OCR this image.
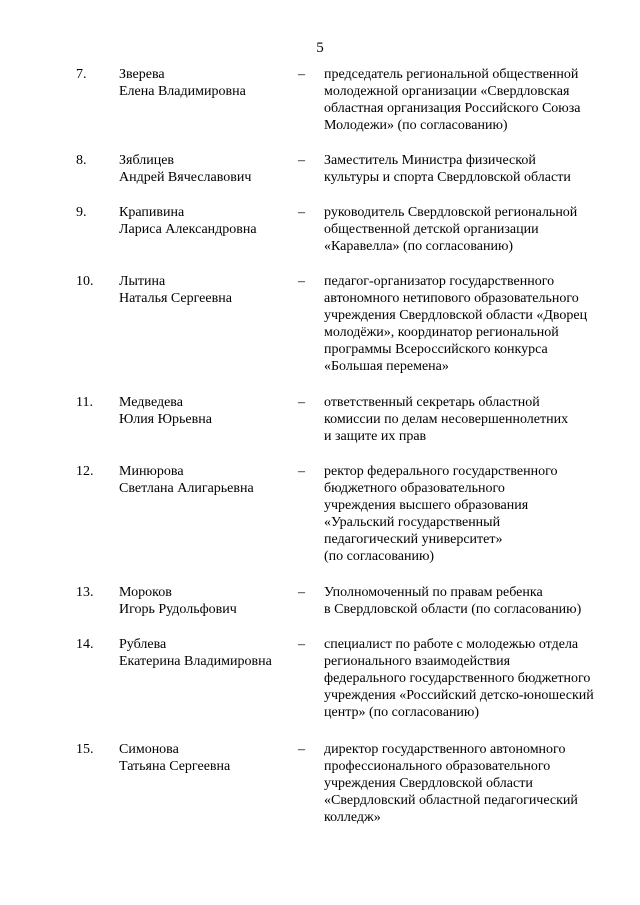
5
7. Зверева
Елена Владимировна
– председатель региональной общественной
молодежной организации «Свердловская
областная организация Российского Союза
Молодежи» (по согласованию)
8. Зяблицев
Андрей Вячеславович
– Заместитель Министра физической
культуры и спорта Свердловской области
9. Крапивина
Лариса Александровна
– руководитель Свердловской региональной
общественной детской организации
«Каравелла» (по согласованию)
10. Лытина
Наталья Сергеевна
– педагог-организатор государственного
автономного нетипового образовательного
учреждения Свердловской области «Дворец
молодёжи», координатор региональной
программы Всероссийского конкурса
«Большая перемена»
11. Медведева
Юлия Юрьевна
– ответственный секретарь областной
комиссии по делам несовершеннолетних
и защите их прав
12. Минюрова
Светлана Алигарьевна
– ректор федерального государственного
бюджетного образовательного
учреждения высшего образования
«Уральский государственный
педагогический университет»
(по согласованию)
13. Мороков
Игорь Рудольфович
– Уполномоченный по правам ребенка
в Свердловской области (по согласованию)
14. Рублева
Екатерина Владимировна
– специалист по работе с молодежью отдела
регионального взаимодействия
федерального государственного бюджетного
учреждения «Российский детско-юношеский
центр» (по согласованию)
15. Симонова
Татьяна Сергеевна
– директор государственного автономного
профессионального образовательного
учреждения Свердловской области
«Свердловский областной педагогический
колледж»
